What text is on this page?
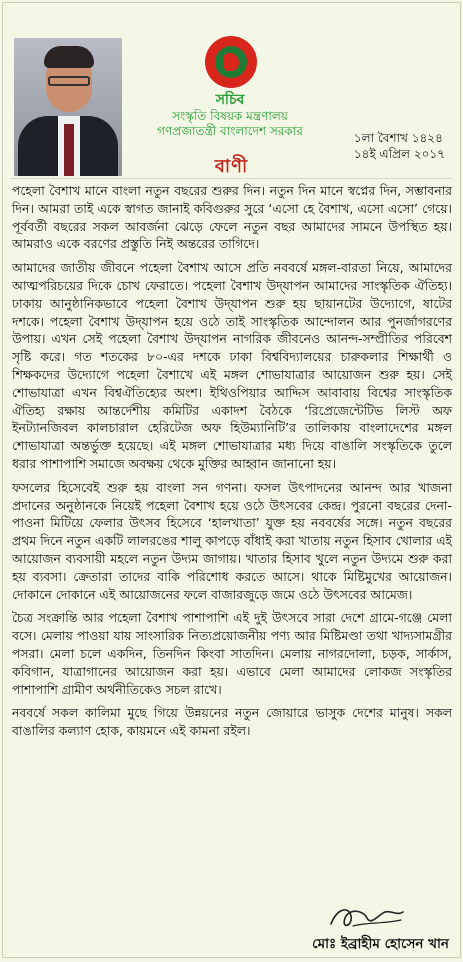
সচিব
সংস্কৃতি বিষয়ক মন্ত্রণালয়
গণপ্রজাতন্ত্রী বাংলাদেশ সরকার	১লা বৈশাখ ১৪২৪
১৪ই এপ্রিল ২০১৭
বাণী

পহেলা বৈশাখ মানে বাংলা নতুন বছরের শুরুর দিন। নতুন দিন মানে স্বপ্নের দিন, সম্ভাবনার দিন। আমরা তাই একে স্বাগত জানাই কবিগুরুর সুরে ‘এসো হে বৈশাখ, এসো এসো’ গেয়ে। পূর্ববর্তী বছরের সকল আবর্জনা ঝেড়ে ফেলে নতুন বছর আমাদের সামনে উপস্থিত হয়। আমরাও একে বরণের প্রস্তুতি নিই অন্তরের তাগিদে।

আমাদের জাতীয় জীবনে পহেলা বৈশাখ আসে প্রতি নববর্ষে মঙ্গল-বারতা নিয়ে, আমাদের আত্মপরিচয়ের দিকে চোখ ফেরাতে। পহেলা বৈশাখ উদ্‌যাপন আমাদের সাংস্কৃতিক ঐতিহ্য। ঢাকায় আনুষ্ঠানিকভাবে পহেলা বৈশাখ উদ্‌যাপন শুরু হয় ছায়ানটের উদ্যোগে, ষাটের দশকে। পহেলা বৈশাখ উদ্‌যাপন হয়ে ওঠে তাই সাংস্কৃতিক আন্দোলন আর পুনর্জাগরণের উপায়। এখন সেই পহেলা বৈশাখ উদ্‌যাপন নাগরিক জীবনেও আনন্দ-সম্প্রীতির পরিবেশ সৃষ্টি করে। গত শতকের ৮০-এর দশকে ঢাকা বিশ্ববিদ্যালয়ের চারুকলার শিক্ষার্থী ও শিক্ষকদের উদ্যোগে পহেলা বৈশাখে এই মঙ্গল শোভাযাত্রার আয়োজন শুরু হয়। সেই শোভাযাত্রা এখন বিশ্বঐতিহ্যের অংশ। ইথিওপিয়ার আদ্দিস আবাবায় বিশ্বের সাংস্কৃতিক ঐতিহ্য রক্ষায় আন্তর্দেশীয় কমিটির একাদশ বৈঠকে ‘রিপ্রেজেন্টেটিভ লিস্ট অফ ইনট্যানজিবল কালচারাল হেরিটেজ অফ হিউম্যানিটি’র তালিকায় বাংলাদেশের মঙ্গল শোভাযাত্রা অন্তর্ভুক্ত হয়েছে। এই মঙ্গল শোভাযাত্রার মধ্য দিয়ে বাঙালি সংস্কৃতিকে তুলে ধরার পাশাপাশি সমাজে অবক্ষয় থেকে মুক্তির আহ্বান জানানো হয়।

ফসলের হিসেবেই শুরু হয় বাংলা সন গণনা। ফসল উৎপাদনের আনন্দ আর খাজনা প্রদানের অনুষ্ঠানকে নিয়েই পহেলা বৈশাখ হয়ে ওঠে উৎসবের কেন্দ্র। পুরনো বছরের দেনা-পাওনা মিটিয়ে ফেলার উৎসব হিসেবে ‘হালখাতা’ যুক্ত হয় নববর্ষের সঙ্গে। নতুন বছরের প্রথম দিনে নতুন একটি লালরঙের শালু কাপড়ে বাঁধাই করা খাতায় নতুন হিসাব খোলার এই আয়োজন ব্যবসায়ী মহলে নতুন উদ্যম জাগায়। খাতার হিসাব খুলে নতুন উদ্যমে শুরু করা হয় ব্যবসা। ক্রেতারা তাদের বাকি পরিশোধ করতে আসে। থাকে মিষ্টিমুখের আয়োজন। দোকানে দোকানে এই আয়োজনের ফলে বাজারজুড়ে জমে ওঠে উৎসবের আমেজ।

চৈত্র সংক্রান্তি আর পহেলা বৈশাখ পাশাপাশি এই দুই উৎসবে সারা দেশে গ্রামে-গঞ্জে মেলা বসে। মেলায় পাওয়া যায় সাংসারিক নিত্যপ্রয়োজনীয় পণ্য আর মিষ্টিমণ্ডা তথা খাদ্যসামগ্রীর পসরা। মেলা চলে একদিন, তিনদিন কিংবা সাতদিন। মেলায় নাগরদোলা, চড়ক, সার্কাস, কবিগান, যাত্রাগানের আয়োজন করা হয়। এভাবে মেলা আমাদের লোকজ সংস্কৃতির পাশাপাশি গ্রামীণ অর্থনীতিকেও সচল রাখে।

নববর্ষে সকল কালিমা মুছে গিয়ে উন্নয়নের নতুন জোয়ারে ভাসুক দেশের মানুষ। সকল বাঙালির কল্যাণ হোক, কায়মনে এই কামনা রইল।

মোঃ ইব্রাহীম হোসেন খান
